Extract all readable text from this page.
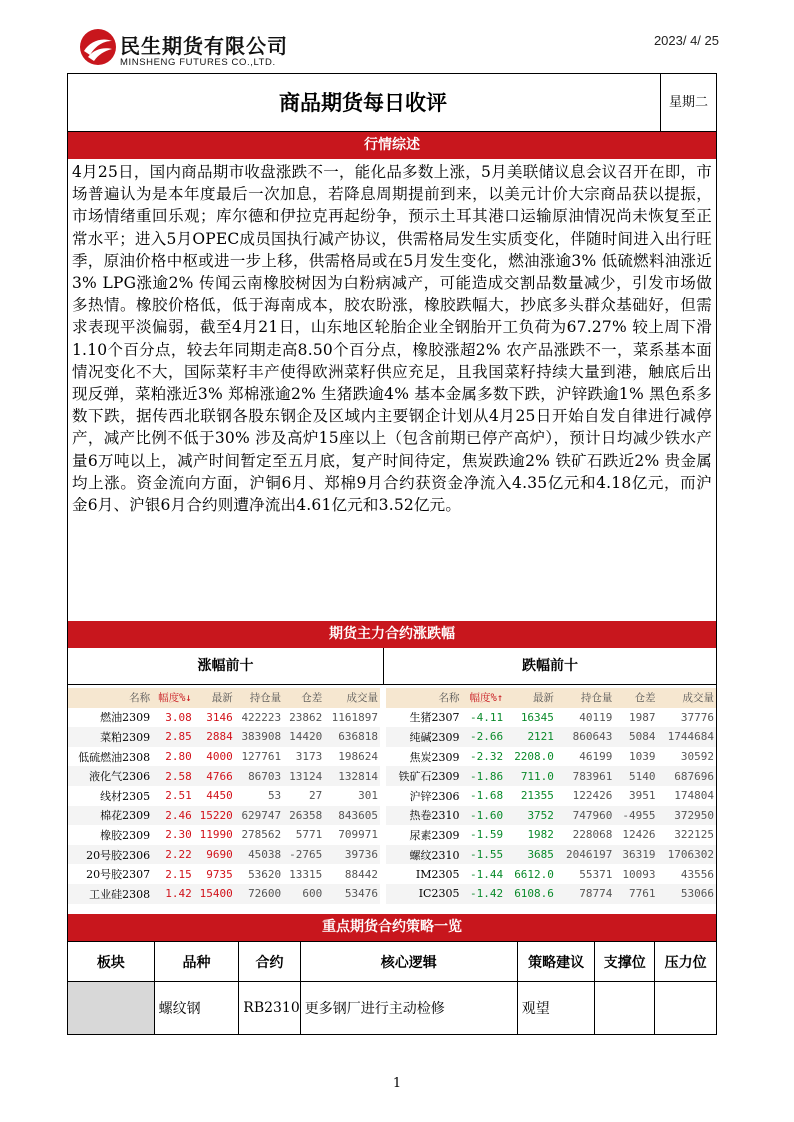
民生期货有限公司
MINSHENG FUTURES CO.,LTD.
2023/ 4/ 25
商品期货每日收评	星期二
行情综述
4月25日，国内商品期市收盘涨跌不一，能化品多数上涨，5月美联储议息会议召开在即，市场普遍认为是本年度最后一次加息，若降息周期提前到来，以美元计价大宗商品获以提振，市场情绪重回乐观；库尔德和伊拉克再起纷争，预示土耳其港口运输原油情况尚未恢复至正常水平；进入5月OPEC成员国执行减产协议，供需格局发生实质变化，伴随时间进入出行旺季，原油价格中枢或进一步上移，供需格局或在5月发生变化，燃油涨逾3% 低硫燃料油涨近3% LPG涨逾2% 传闻云南橡胶树因为白粉病减产，可能造成交割品数量减少，引发市场做多热情。橡胶价格低，低于海南成本，胶农盼涨，橡胶跌幅大，抄底多头群众基础好，但需求表现平淡偏弱，截至4月21日，山东地区轮胎企业全钢胎开工负荷为67.27% 较上周下滑1.10个百分点，较去年同期走高8.50个百分点，橡胶涨超2% 农产品涨跌不一，菜系基本面情况变化不大，国际菜籽丰产使得欧洲菜籽供应充足，且我国菜籽持续大量到港，触底后出现反弹，菜粕涨近3% 郑棉涨逾2% 生猪跌逾4% 基本金属多数下跌，沪锌跌逾1% 黑色系多数下跌，据传西北联钢各股东钢企及区域内主要钢企计划从4月25日开始自发自律进行减停产，减产比例不低于30% 涉及高炉15座以上（包含前期已停产高炉），预计日均减少铁水产量6万吨以上，减产时间暂定至五月底，复产时间待定，焦炭跌逾2% 铁矿石跌近2% 贵金属均上涨。资金流向方面，沪铜6月、郑棉9月合约获资金净流入4.35亿元和4.18亿元，而沪金6月、沪银6月合约则遭净流出4.61亿元和3.52亿元。
期货主力合约涨跌幅
涨幅前十	跌幅前十
名称	幅度%↓	最新	持仓量	仓差	成交量
燃油2309	3.08	3146	422223	23862	1161897
菜粕2309	2.85	2884	383908	14420	636818
低硫燃油2308	2.80	4000	127761	3173	198624
液化气2306	2.58	4766	86703	13124	132814
线材2305	2.51	4450	53	27	301
棉花2309	2.46	15220	629747	26358	843605
橡胶2309	2.30	11990	278562	5771	709971
20号胶2306	2.22	9690	45038	-2765	39736
20号胶2307	2.15	9735	53620	13315	88442
工业硅2308	1.42	15400	72600	600	53476
名称	幅度%↑	最新	持仓量	仓差	成交量
生猪2307	-4.11	16345	40119	1987	37776
纯碱2309	-2.66	2121	860643	5084	1744684
焦炭2309	-2.32	2208.0	46199	1039	30592
铁矿石2309	-1.86	711.0	783961	5140	687696
沪锌2306	-1.68	21355	122426	3951	174804
热卷2310	-1.60	3752	747960	-4955	372950
尿素2309	-1.59	1982	228068	12426	322125
螺纹2310	-1.55	3685	2046197	36319	1706302
IM2305	-1.44	6612.0	55371	10093	43556
IC2305	-1.42	6108.6	78774	7761	53066
重点期货合约策略一览
板块	品种	合约	核心逻辑	策略建议	支撑位	压力位
	螺纹钢	RB2310	更多钢厂进行主动检修	观望		
1
